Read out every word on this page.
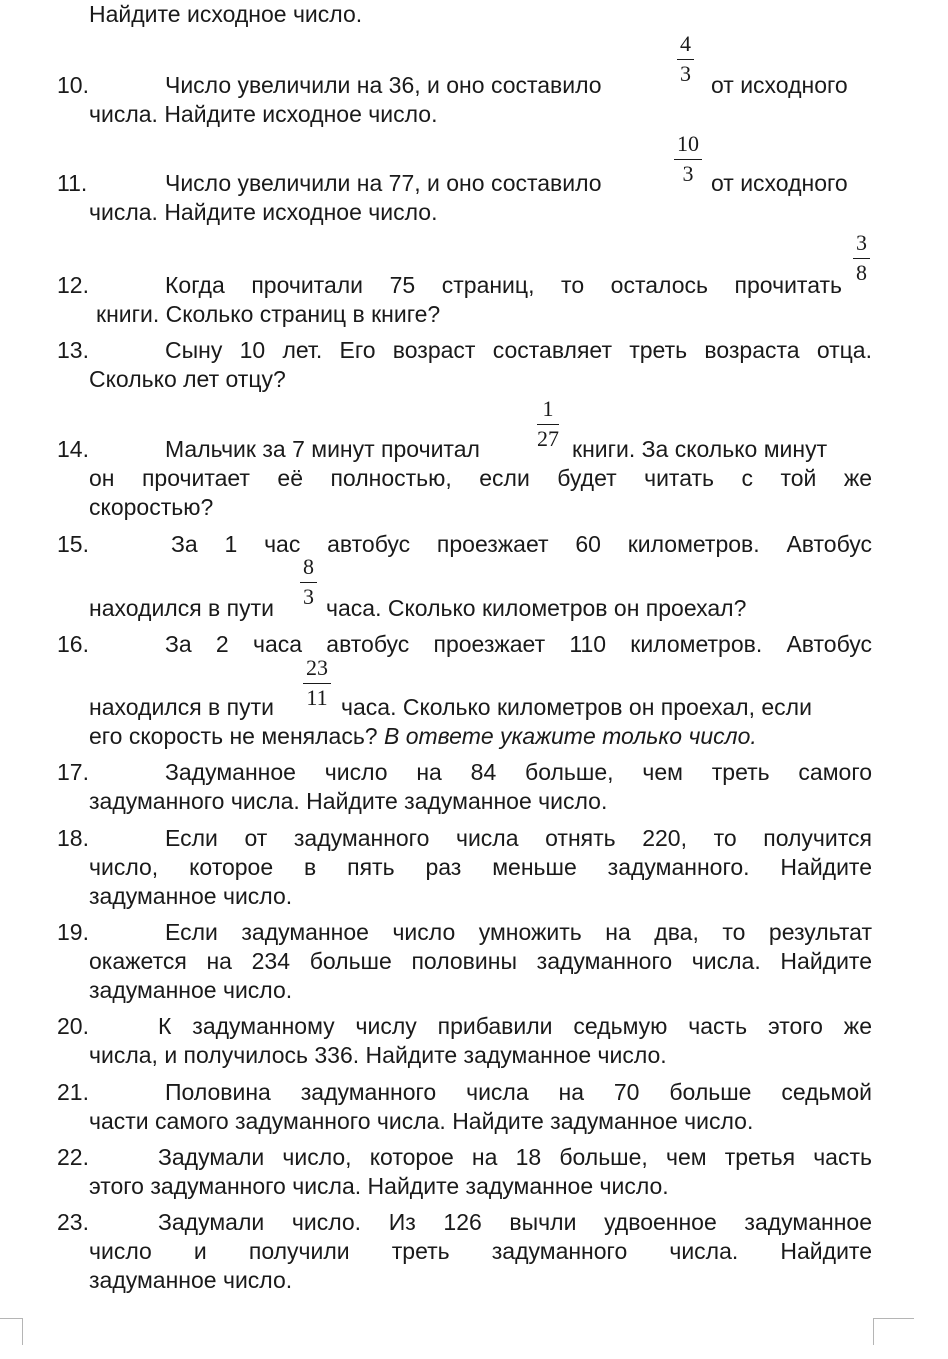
Найдите исходное число.
$\frac{4}{3}$
10.	Число увеличили на 36, и оно составило	от исходного
числа. Найдите исходное число.
$\frac{10}{3}$
11.	Число увеличили на 77, и оно составило	от исходного
числа. Найдите исходное число.
$\frac{3}{8}$
12.	Когда прочитали 75 страниц, то осталось прочитать
книги. Сколько страниц в книге?
13.	Сыну 10 лет. Его возраст составляет треть возраста отца.
Сколько лет отцу?
$\frac{1}{27}$
14.	Мальчик за 7 минут прочитал	книги. За сколько минут
он прочитает её полностью, если будет читать с той же
скоростью?
15.	За 1 час автобус проезжает 60 километров. Автобус
$\frac{8}{3}$
находился в пути часа. Сколько километров он проехал?
16.	За 2 часа автобус проезжает 110 километров. Автобус
$\frac{23}{11}$
находился в пути	часа. Сколько километров он проехал, если
его скорость не менялась? В ответе укажите только число.
17.	Задуманное число на 84 больше, чем треть самого
задуманного числа. Найдите задуманное число.
18.	Если от задуманного числа отнять 220, то получится
число, которое в пять раз меньше задуманного. Найдите
задуманное число.
19.	Если задуманное число умножить на два, то результат
окажется на 234 больше половины задуманного числа. Найдите
задуманное число.
20.	К задуманному числу прибавили седьмую часть этого же
числа, и получилось 336. Найдите задуманное число.
21.	Половина задуманного числа на 70 больше седьмой
части самого задуманного числа. Найдите задуманное число.
22.	Задумали число, которое на 18 больше, чем третья часть
этого задуманного числа. Найдите задуманное число.
23.	Задумали число. Из 126 вычли удвоенное задуманное
число и получили треть задуманного числа. Найдите
задуманное число.
